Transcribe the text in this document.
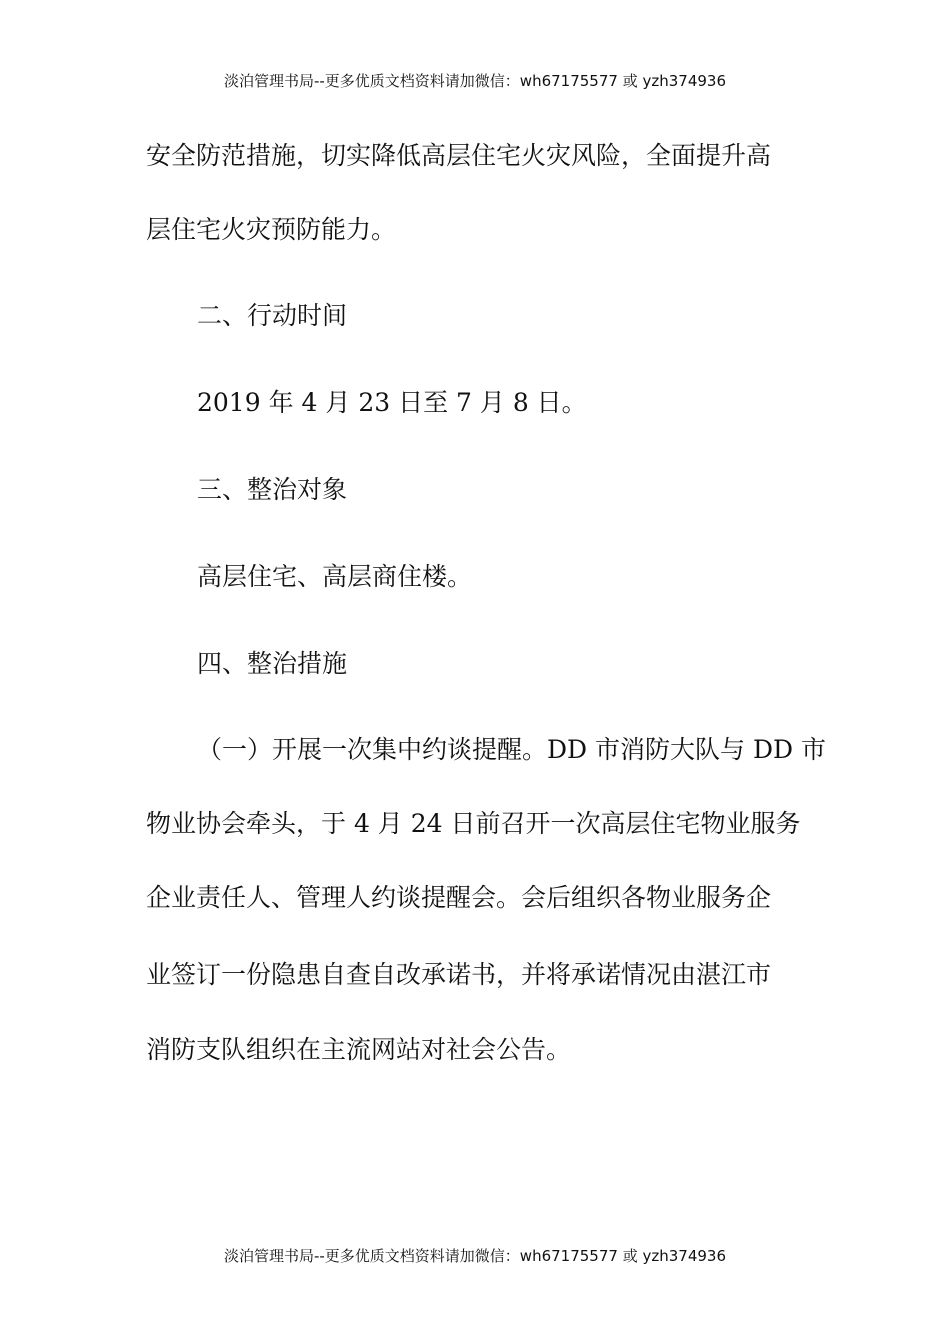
淡泊管理书局--更多优质文档资料请加微信：wh67175577 或 yzh374936
安全防范措施，切实降低高层住宅火灾风险，全面提升高
层住宅火灾预防能力。
二、行动时间
2019 年 4 月 23 日至 7 月 8 日。
三、整治对象
高层住宅、高层商住楼。
四、整治措施
（一）开展一次集中约谈提醒。DD 市消防大队与 DD 市
物业协会牵头，于 4 月 24 日前召开一次高层住宅物业服务
企业责任人、管理人约谈提醒会。会后组织各物业服务企
业签订一份隐患自查自改承诺书，并将承诺情况由湛江市
消防支队组织在主流网站对社会公告。
淡泊管理书局--更多优质文档资料请加微信：wh67175577 或 yzh374936
